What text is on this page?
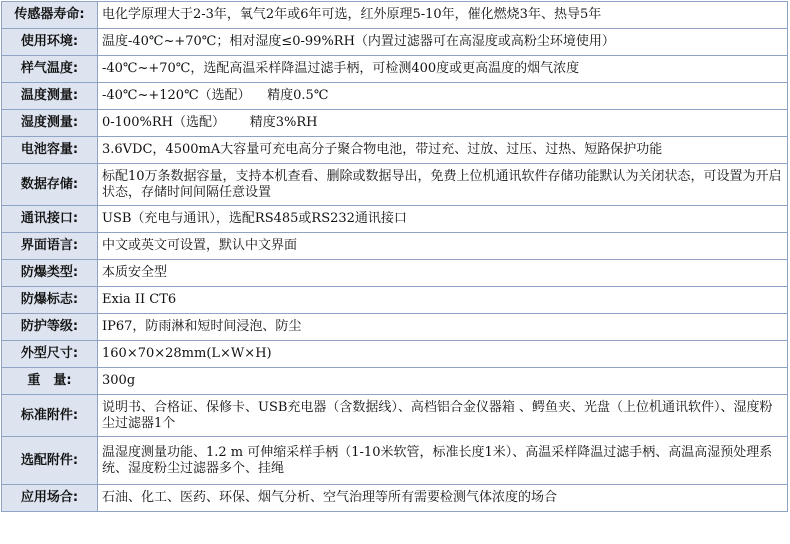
传感器寿命:	电化学原理大于2-3年，氧气2年或6年可选，红外原理5-10年，催化燃烧3年、热导5年
使用环境:	温度-40℃~+70℃；相对湿度≤0-99%RH（内置过滤器可在高湿度或高粉尘环境使用）
样气温度:	-40℃~+70℃，选配高温采样降温过滤手柄，可检测400度或更高温度的烟气浓度
温度测量:	-40℃~+120℃（选配）    精度0.5℃
湿度测量:	0-100%RH（选配）      精度3%RH
电池容量:	3.6VDC，4500mA大容量可充电高分子聚合物电池，带过充、过放、过压、过热、短路保护功能
数据存储:	标配10万条数据容量，支持本机查看、删除或数据导出，免费上位机通讯软件存储功能默认为关闭状态，可设置为开启状态，存储时间间隔任意设置
通讯接口:	USB（充电与通讯），选配RS485或RS232通讯接口
界面语言:	中文或英文可设置，默认中文界面
防爆类型:	本质安全型
防爆标志:	Exia II CT6
防护等级:	IP67，防雨淋和短时间浸泡、防尘
外型尺寸:	160×70×28mm(L×W×H)
重　量:	300g
标准附件:	说明书、合格证、保修卡、USB充电器（含数据线）、高档铝合金仪器箱 、鳄鱼夹、光盘（上位机通讯软件）、湿度粉尘过滤器1个
选配附件:	温湿度测量功能、1.2 m 可伸缩采样手柄（1-10米软管，标准长度1米）、高温采样降温过滤手柄、高温高湿预处理系统、湿度粉尘过滤器多个、挂绳
应用场合:	石油、化工、医药、环保、烟气分析、空气治理等所有需要检测气体浓度的场合
